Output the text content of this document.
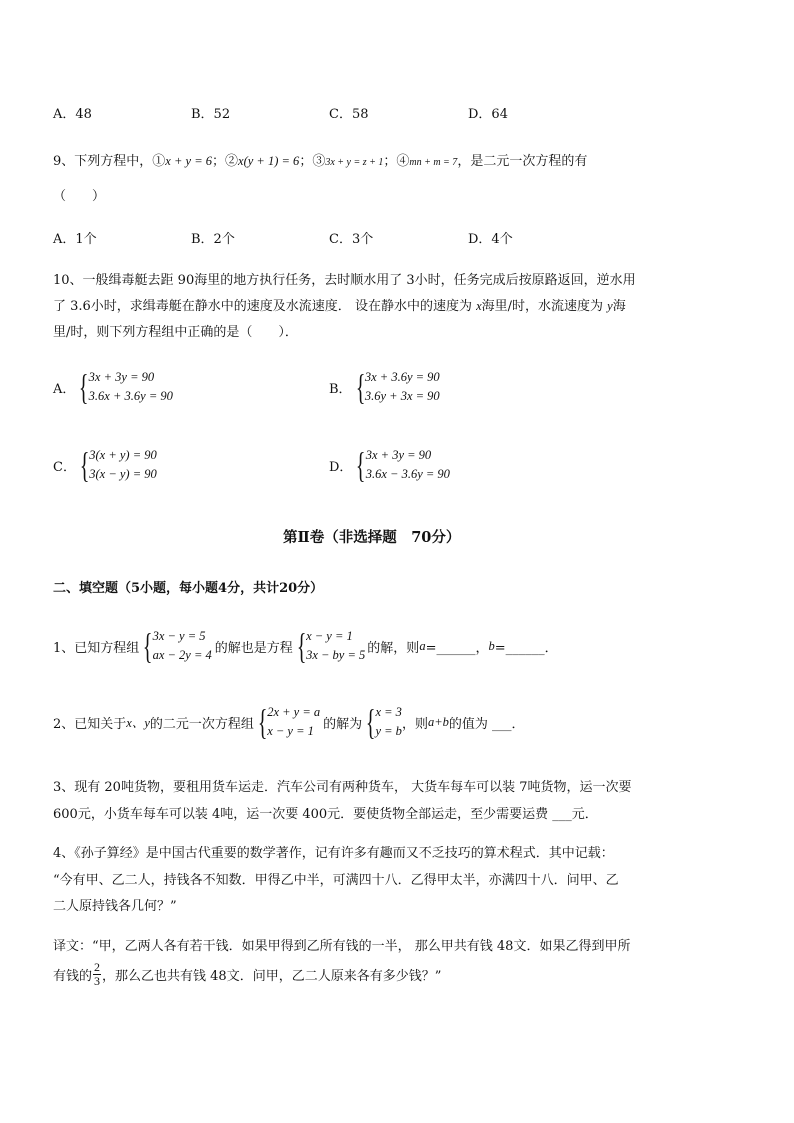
A．48	B．52	C．58	D．64
9、下列方程中，①x + y = 6；②x(y + 1) = 6；③3x + y = z + 1；④mn + m = 7，是二元一次方程的有
（　　）
A．1个	B．2个	C．3个	D．4个
10、一般缉毒艇去距 90海里的地方执行任务，去时顺水用了 3小时，任务完成后按原路返回，逆水用
了 3.6小时，求缉毒艇在静水中的速度及水流速度． 设在静水中的速度为 x海里/时，水流速度为 y海
里/时，则下列方程组中正确的是（　　）．
A． { 3x + 3y = 90
3.6x + 3.6y = 90	B． { 3x + 3.6y = 90
3.6y + 3x = 90
C． { 3(x + y) = 90
3(x − y) = 90	D． { 3x + 3y = 90
3.6x − 3.6y = 90
第Ⅱ卷（非选择题　70分）
二、填空题（5小题，每小题4分，共计20分）
1、已知方程组 { 3x − y = 5
ax − 2y = 4 的解也是方程 { x − y = 1
3x − by = 5 的解，则 a =______， b =______．
2、已知关于 x、y 的二元一次方程组 { 2x + y = a
x − y = 1 的解为 { x = 3
y = b ，则 a+b 的值为 ___．
3、现有 20吨货物，要租用货车运走．汽车公司有两种货车， 大货车每车可以装 7吨货物，运一次要
600元，小货车每车可以装 4吨，运一次要 400元．要使货物全部运走，至少需要运费 ___元．
4、《孙子算经》是中国古代重要的数学著作，记有许多有趣而又不乏技巧的算术程式．其中记载：
“今有甲、乙二人，持钱各不知数．甲得乙中半，可满四十八．乙得甲太半，亦满四十八．问甲、乙
二人原持钱各几何？”
译文：“甲，乙两人各有若干钱．如果甲得到乙所有钱的一半， 那么甲共有钱 48文．如果乙得到甲所
有钱的 $\frac{2}{3}$ ，那么乙也共有钱 48文．问甲，乙二人原来各有多少钱？”
